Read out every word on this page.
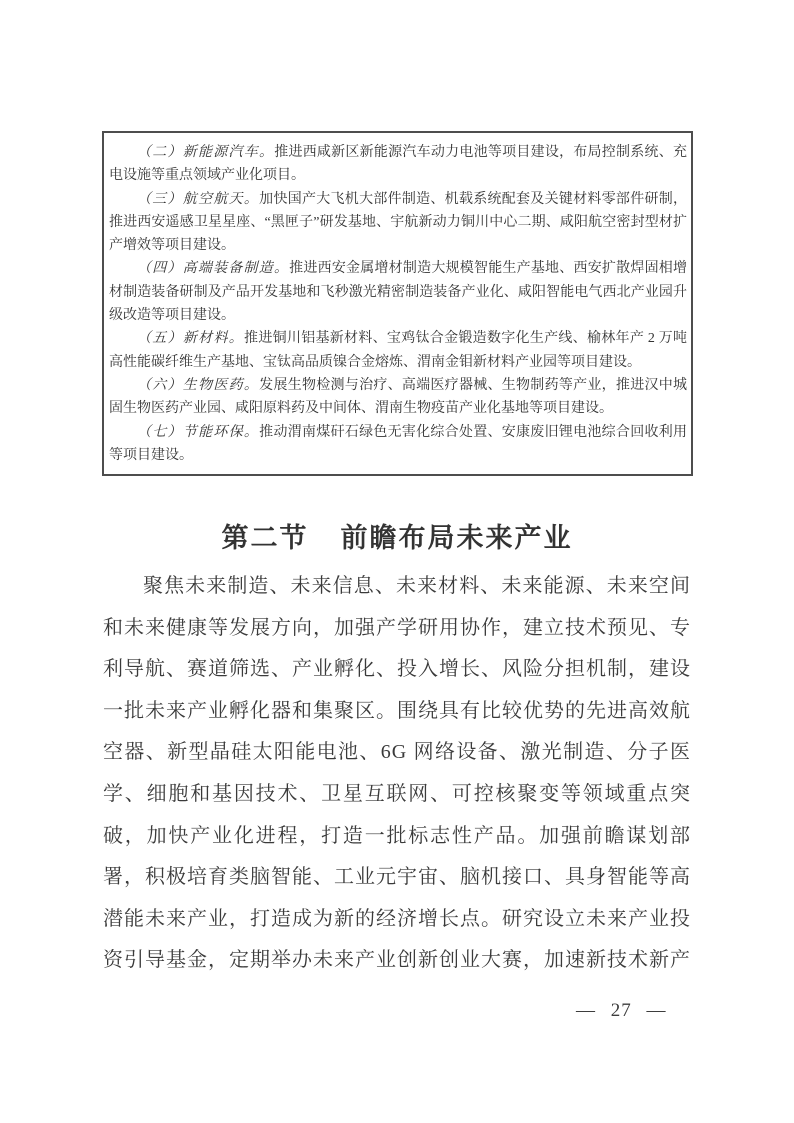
（二）新能源汽车。推进西咸新区新能源汽车动力电池等项目建设，布局控制系统、充电设施等重点领域产业化项目。

（三）航空航天。加快国产大飞机大部件制造、机载系统配套及关键材料零部件研制，推进西安遥感卫星星座、“黑匣子”研发基地、宇航新动力铜川中心二期、咸阳航空密封型材扩产增效等项目建设。

（四）高端装备制造。推进西安金属增材制造大规模智能生产基地、西安扩散焊固相增材制造装备研制及产品开发基地和飞秒激光精密制造装备产业化、咸阳智能电气西北产业园升级改造等项目建设。

（五）新材料。推进铜川铝基新材料、宝鸡钛合金锻造数字化生产线、榆林年产 2 万吨高性能碳纤维生产基地、宝钛高品质镍合金熔炼、渭南金钼新材料产业园等项目建设。

（六）生物医药。发展生物检测与治疗、高端医疗器械、生物制药等产业，推进汉中城固生物医药产业园、咸阳原料药及中间体、渭南生物疫苗产业化基地等项目建设。

（七）节能环保。推动渭南煤矸石绿色无害化综合处置、安康废旧锂电池综合回收利用等项目建设。

第二节 前瞻布局未来产业

聚焦未来制造、未来信息、未来材料、未来能源、未来空间和未来健康等发展方向，加强产学研用协作，建立技术预见、专利导航、赛道筛选、产业孵化、投入增长、风险分担机制，建设一批未来产业孵化器和集聚区。围绕具有比较优势的先进高效航空器、新型晶硅太阳能电池、6G 网络设备、激光制造、分子医学、细胞和基因技术、卫星互联网、可控核聚变等领域重点突破，加快产业化进程，打造一批标志性产品。加强前瞻谋划部署，积极培育类脑智能、工业元宇宙、脑机接口、具身智能等高潜能未来产业，打造成为新的经济增长点。研究设立未来产业投资引导基金，定期举办未来产业创新创业大赛，加速新技术新产

— 27 —
